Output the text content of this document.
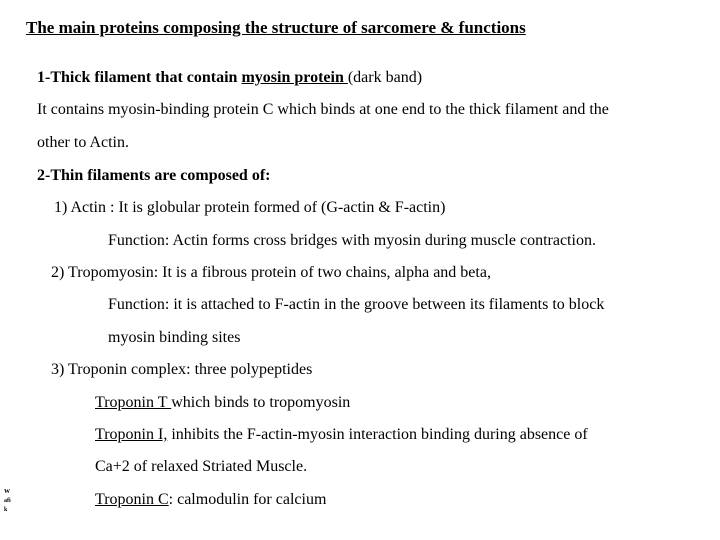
The main proteins composing the structure of sarcomere & functions
1-Thick filament that contain myosin protein (dark band)
It contains myosin-binding protein C which binds at one end to the thick filament and the
other to Actin.
2-Thin filaments are composed of:
1) Actin : It is globular protein formed of (G-actin & F-actin)
Function: Actin forms cross bridges with myosin during muscle contraction.
2) Tropomyosin: It is a fibrous protein of two chains, alpha and beta,
Function: it is attached to F-actin in the groove between its filaments to block
myosin binding sites
3) Troponin complex: three polypeptides
Troponin T which binds to tropomyosin
Troponin I, inhibits the F-actin-myosin interaction binding during absence of
Ca+2 of relaxed Striated Muscle.
Troponin C: calmodulin for calcium
Wafik
